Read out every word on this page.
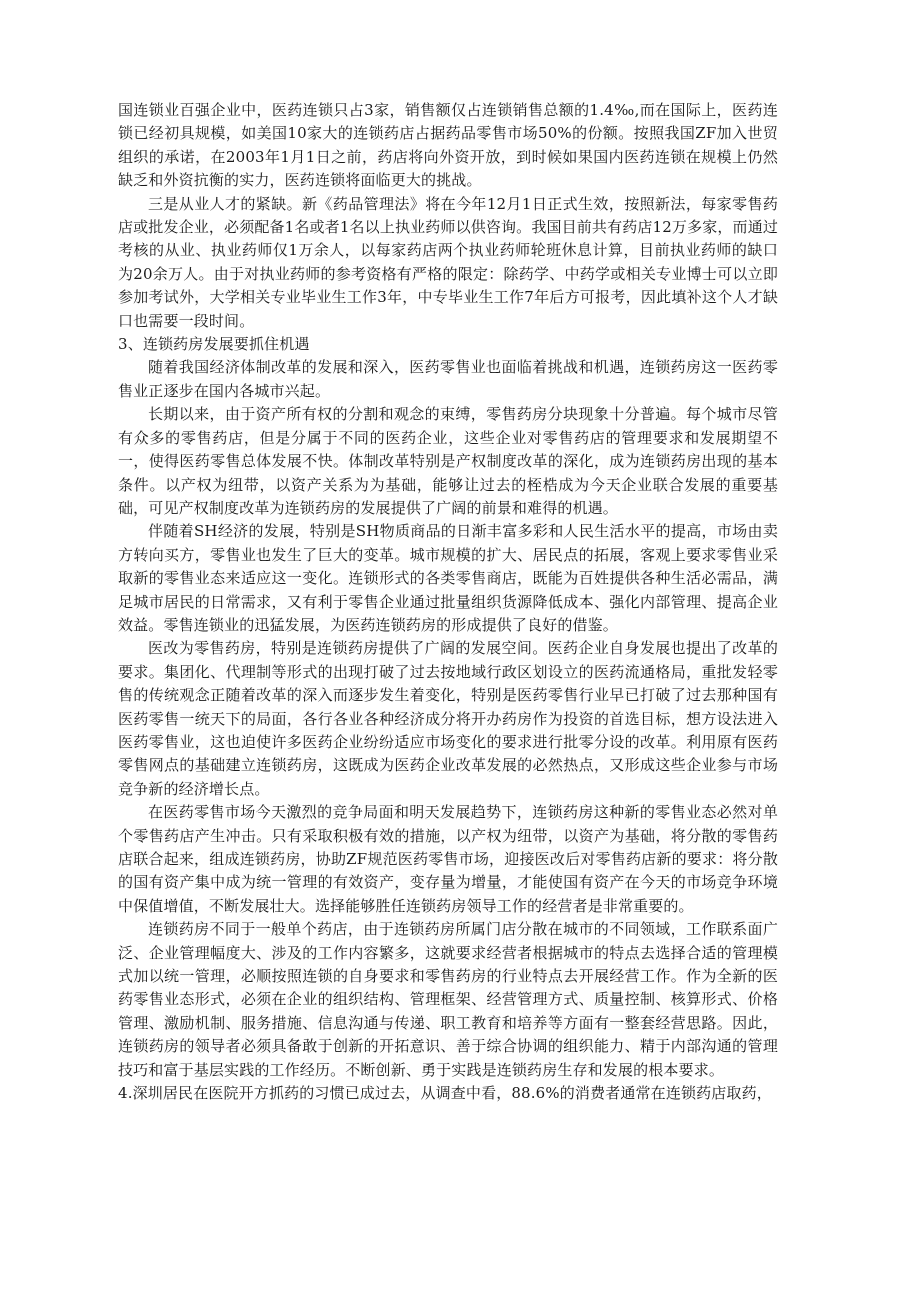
国连锁业百强企业中，医药连锁只占3家，销售额仅占连锁销售总额的1.4‰,而在国际上，医药连锁已经初具规模，如美国10家大的连锁药店占据药品零售市场50%的份额。按照我国ZF加入世贸组织的承诺，在2003年1月1日之前，药店将向外资开放，到时候如果国内医药连锁在规模上仍然缺乏和外资抗衡的实力，医药连锁将面临更大的挑战。

三是从业人才的紧缺。新《药品管理法》将在今年12月1日正式生效，按照新法，每家零售药店或批发企业，必须配备1名或者1名以上执业药师以供咨询。我国目前共有药店12万多家，而通过考核的从业、执业药师仅1万余人，以每家药店两个执业药师轮班休息计算，目前执业药师的缺口为20余万人。由于对执业药师的参考资格有严格的限定：除药学、中药学或相关专业博士可以立即参加考试外，大学相关专业毕业生工作3年，中专毕业生工作7年后方可报考，因此填补这个人才缺口也需要一段时间。

3、连锁药房发展要抓住机遇

随着我国经济体制改革的发展和深入，医药零售业也面临着挑战和机遇，连锁药房这一医药零售业正逐步在国内各城市兴起。

长期以来，由于资产所有权的分割和观念的束缚，零售药房分块现象十分普遍。每个城市尽管有众多的零售药店，但是分属于不同的医药企业，这些企业对零售药店的管理要求和发展期望不一，使得医药零售总体发展不快。体制改革特别是产权制度改革的深化，成为连锁药房出现的基本条件。以产权为纽带，以资产关系为为基础，能够让过去的桎梏成为今天企业联合发展的重要基础，可见产权制度改革为连锁药房的发展提供了广阔的前景和难得的机遇。

伴随着SH经济的发展，特别是SH物质商品的日渐丰富多彩和人民生活水平的提高，市场由卖方转向买方，零售业也发生了巨大的变革。城市规模的扩大、居民点的拓展，客观上要求零售业采取新的零售业态来适应这一变化。连锁形式的各类零售商店，既能为百姓提供各种生活必需品，满足城市居民的日常需求，又有利于零售企业通过批量组织货源降低成本、强化内部管理、提高企业效益。零售连锁业的迅猛发展，为医药连锁药房的形成提供了良好的借鉴。

医改为零售药房，特别是连锁药房提供了广阔的发展空间。医药企业自身发展也提出了改革的要求。集团化、代理制等形式的出现打破了过去按地域行政区划设立的医药流通格局，重批发轻零售的传统观念正随着改革的深入而逐步发生着变化，特别是医药零售行业早已打破了过去那种国有医药零售一统天下的局面，各行各业各种经济成分将开办药房作为投资的首选目标，想方设法进入医药零售业，这也迫使许多医药企业纷纷适应市场变化的要求进行批零分设的改革。利用原有医药零售网点的基础建立连锁药房，这既成为医药企业改革发展的必然热点，又形成这些企业参与市场竞争新的经济增长点。

在医药零售市场今天激烈的竞争局面和明天发展趋势下，连锁药房这种新的零售业态必然对单个零售药店产生冲击。只有采取积极有效的措施，以产权为纽带，以资产为基础，将分散的零售药店联合起来，组成连锁药房，协助ZF规范医药零售市场，迎接医改后对零售药店新的要求：将分散的国有资产集中成为统一管理的有效资产，变存量为增量，才能使国有资产在今天的市场竞争环境中保值增值，不断发展壮大。选择能够胜任连锁药房领导工作的经营者是非常重要的。

连锁药房不同于一般单个药店，由于连锁药房所属门店分散在城市的不同领域，工作联系面广泛、企业管理幅度大、涉及的工作内容繁多，这就要求经营者根据城市的特点去选择合适的管理模式加以统一管理，必顺按照连锁的自身要求和零售药房的行业特点去开展经营工作。作为全新的医药零售业态形式，必须在企业的组织结构、管理框架、经营管理方式、质量控制、核算形式、价格管理、激励机制、服务措施、信息沟通与传递、职工教育和培养等方面有一整套经营思路。因此，连锁药房的领导者必须具备敢于创新的开拓意识、善于综合协调的组织能力、精于内部沟通的管理技巧和富于基层实践的工作经历。不断创新、勇于实践是连锁药房生存和发展的根本要求。

4.深圳居民在医院开方抓药的习惯已成过去，从调查中看，88.6%的消费者通常在连锁药店取药，
